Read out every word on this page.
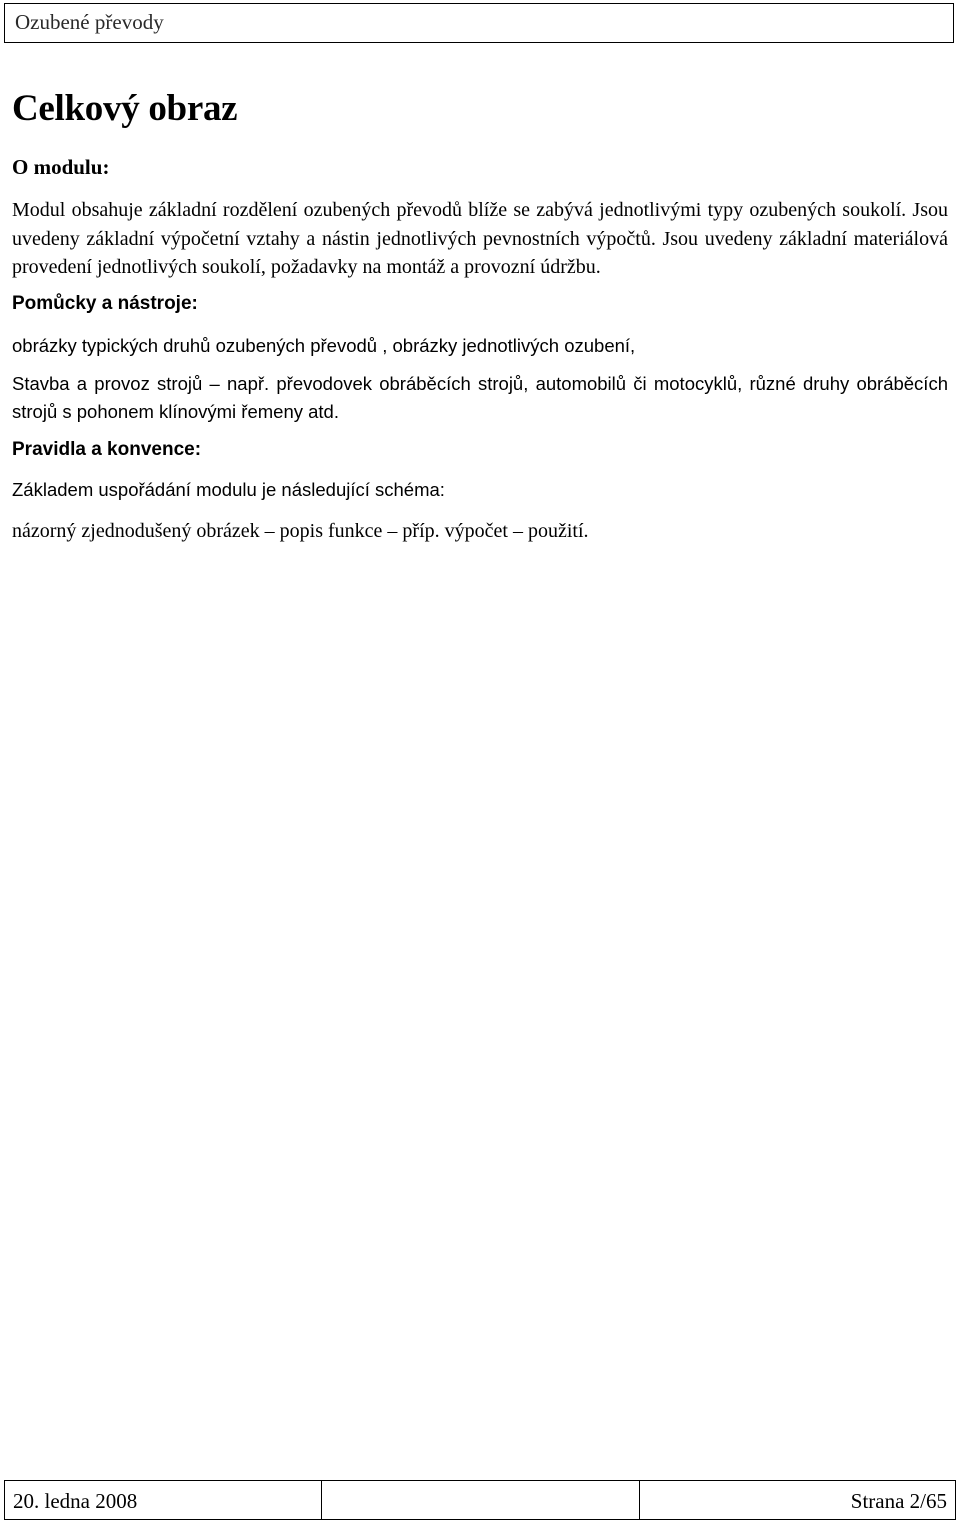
Ozubené převody
Celkový obraz
O modulu:

Modul obsahuje základní rozdělení ozubených převodů blíže se zabývá jednotlivými typy ozubených soukolí. Jsou uvedeny základní výpočetní vztahy a nástin jednotlivých pevnostních výpočtů. Jsou uvedeny základní materiálová provedení jednotlivých soukolí, požadavky na montáž a provozní údržbu.

Pomůcky a nástroje:

obrázky typických druhů ozubených převodů , obrázky jednotlivých ozubení,

Stavba a provoz strojů – např. převodovek obráběcích strojů, automobilů či motocyklů, různé druhy obráběcích strojů s pohonem klínovými řemeny atd.

Pravidla a konvence:

Základem uspořádání modulu je následující schéma:

názorný zjednodušený obrázek – popis funkce – příp. výpočet – použití.

20. ledna 2008	Strana 2/65
